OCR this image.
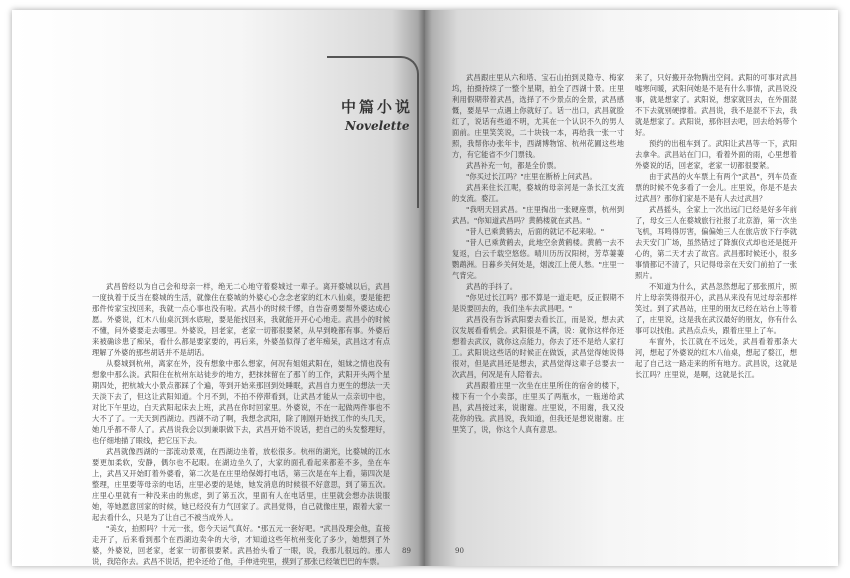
中篇小说
Novelette

武昌曾经以为自己会和母亲一样，绝无二心地守着婺城过一辈子。离开婺城以后，武昌一度执着于反当在婺城的生活，就像住在婺城的外婆心心念念老家的红木八仙桌，要是能把那件传家宝找回来，我就一点心事也没有啦。武昌小的时候千缪，自告奋勇要帮外婆达成心愿。外婆说，红木八仙桌沉到水底啦，要是能找回来，我就能开开心心地走。武昌小的时候不懂，问外婆要走去哪里。外婆说，回老家，老家一切都很要紧，从早到晚都有事。外婆后来被确诊患了痴呆，看什么都是要家要的，再后来，外婆虽似得了老年痴呆，武昌这才有点理解了外婆的那些胡话并不是胡话。

从婺城到杭州，离家在外，没有想象中那么想家，何况有姐姐武阳在，姐妹之情也没有想象中那么淡。武阳住在杭州东站徒步的地方，把抹抹留在了那丫的工作，武阳开头两个星期四处，把杭城大小景点都踩了个遍，等到开始来那回到处睡眠，武昌自力更生的想法一天天淡下去了，但这让武阳知道。个月不到，不拍不停滞看到，让武昌才能从一点亲切中也，对比下午里边，白天武阳起床去上班，武昌在你时回家里。外婆说，不在一起做两件事也不大不了了。一天天到西湖边。西湖不动了啊，我想念武阳，除了刚刚开始找工作的头几天，她几乎都不带人了。武昌说我会以到兼职做下去，武昌开始不说话，把自己的头发整理好，也仔细地描了眼线，把它压下去。

武昌就像西湖的一部流动景观，在西湖边坐着，放松很多。杭州的湖光，比婺城的江水要更加柔软，安静，偶尔也不起眼。在湖边坐久了，大家的面孔看起来都差不多，坐在车上，武昌又开始盯着外婆看，第二次是在庄里给保姆打电话，第三次是在车上看，第四次是整理，庄里要等母亲的电话，庄里必要的是她，她发消息的时候很不好意思，到了第五次。庄里心里就有一种没来由的焦虑，到了第五次，里面有人在电话里，庄里就会想办法说服她，等她愿意回家的时候，她已经没有力气回家了。武昌觉得，自己就像庄里，跟着大家一起去看什么，只是为了让自己不被当成外人。

"美女，拍照吗？十元一张，您今天运气真好。"那五元一套好吧。"武昌没理会他，直接走开了，后来看到那个在西湖边卖伞的大爷，才知道这些年杭州变化了多少，她想到了外婆，外婆说，回老家，老家一切都很要紧。武昌抬头看了一眼，说，我那儿很远的。那人说，我陪你去。武昌不说话，把伞还给了他，手伸进兜里，摸到了那张已经皱巴巴的车票。

89

武昌跟庄里从六和塔、宝石山拍到灵隐寺、梅家坞，拍摄持续了一整个星期，拍全了西湖十景。庄里利用假期带着武昌，选择了不少景点的全景，武昌感慨，要是早一点遇上你就好了。话一出口，武昌就脸红了，说话有些道不明，尤其在一个认识不久的男人面前。庄里笑笑说，二十块钱一本，再给我一张一寸照，我帮你办张年卡，西湖博物馆、杭州花圃这些地方，有它能省不少门票钱。

武昌补充一句，都是全价票。

"你买过长江吗？"庄里在断桥上问武昌。

武昌来住长江呢，婺城的母亲河是一条长江支流的支流。婺江。

"我明天回武昌。"庄里掏出一张硬座票，杭州到武昌。"你知道武昌吗？黄鹤楼就在武昌。"

"昔人已乘黄鹤去，后面的就记不起来啦。"

"昔人已乘黄鹤去，此地空余黄鹤楼。黄鹤一去不复返，白云千载空悠悠。晴川历历汉阳树，芳草萋萋鹦鹉洲。日暮乡关何处是，烟波江上使人愁。"庄里一气背完。

武昌的手抖了。

"你见过长江吗？那不算是一道走吧，反正假期不是说要回去的，我们坐车去武昌吧。"

武昌没有告诉武阳要去看长江，而是说，想去武汉发展看看机会。武阳很是不满，说：就你这样你还想着去武汉，就你这点能力，你去了还不是给人家打工。武阳说这些话的时候正在做饭，武昌觉得她说得很对，但是武昌还是想去，武昌觉得这辈子总要去一次武昌，何况是有人陪着去。

武昌跟着庄里一次坐在庄里所住的宿舍的楼下，楼下有一个小卖部，庄里买了两瓶水，一瓶递给武昌，武昌接过来，说谢谢。庄里说，不用谢，我又没花你的钱。武昌说，我知道，但我还是想说谢谢。庄里笑了，说，你这个人真有意思。

来了，只好搬开杂物腾出空间。武阳的可事对武昌嘘寒问暖，武阳问她是不是有什么事情，武昌说没事，就是想家了。武阳说，想家就回去，在外面混不下去就别硬撑着。武昌说，我不是混不下去，我就是想家了。武阳说，那你回去吧，回去给妈带个好。

预约的出租车到了。武阳让武昌等一下，武阳去拿伞。武昌站在门口，看着外面的雨，心里想着外婆说的话，回老家，老家一切都很要紧。

由于武昌的火车票上有两个"武昌"，列车员查票的时候不免多看了一会儿。庄里说，你是不是去过武昌？那你们家是不是有人去过武昌？

武昌摇头，全家上一次出远门已经是好多年前了，母女三人在婺城旅行社报了北京游，第一次坐飞机，耳鸣得厉害，偏偏她三人在旅店放下行李就去天安门广场，虽然错过了降旗仪式却也还是挺开心的，第二天才去了故宫。武昌那时候还小，很多事情都记不清了，只记得母亲在天安门前拍了一张照片。

不知道为什么，武昌忽然想起了那张照片，照片上母亲笑得很开心，武昌从来没有见过母亲那样笑过。到了武昌站，庄里的朋友已经在站台上等着了，庄里说，这是我在武汉最好的朋友，你有什么事可以找他。武昌点点头，跟着庄里上了车。

车窗外，长江就在不远处，武昌看着那条大河，想起了外婆说的红木八仙桌，想起了婺江，想起了自己这一路走来的所有地方。武昌说，这就是长江吗？庄里说，是啊，这就是长江。

90
